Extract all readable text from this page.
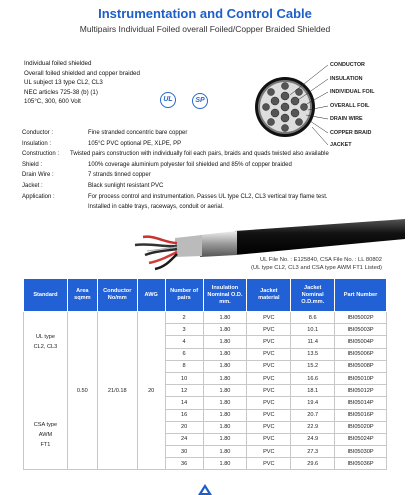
Instrumentation and Control Cable
Multipairs Individual Foiled overall Foiled/Copper Braided Shielded
Individual foiled shielded
Overall foiled shielded and copper braided
UL subject 13 type CL2, CL3
NEC articles 725-38 (b) (1)
105°C, 300, 600 Volt	UL	SP
CONDUCTOR
INSULATION
INDIVIDUAL FOIL
OVERALL FOIL
DRAIN WIRE
COPPER BRAID
JACKET
Conductor :	Fine stranded concentric bare copper
Insulation :	105°C PVC optional PE, XLPE, PP
Construction :	Twisted pairs construction with individually foil each pairs, braids and quads twisted also available
Shield :	100% coverage aluminium polyester foil shielded and 85% of copper braided
Drain Wire :	7 strands tinned copper
Jacket :	Black sunlight resistant PVC
Application :	For process control and instrumentation. Passes UL type CL2, CL3 vertical tray flame test.
Installed in cable trays, raceways, conduit or aerial.
UL File No. : E125840, CSA File No. : LL 80802
(UL type CL2, CL3 and CSA type AWM FT1 Listed)
Standard	Area sqmm	Conductor No/mm	AWG	Number of pairs	Insulation Nominal O.D. mm.	Jacket material	Jacket Nominal O.D.mm.	Part Number

UL type
CL2, CL3
CSA type
AWM
FT1	0.50	21/0.18	20	2	1.80	PVC	8.6	IBI05002P
				3	1.80	PVC	10.1	IBI05003P
				4	1.80	PVC	11.4	IBI05004P
				6	1.80	PVC	13.5	IBI05006P
				8	1.80	PVC	15.2	IBI05008P
				10	1.80	PVC	16.6	IBI05010P
				12	1.80	PVC	18.1	IBI05012P
				14	1.80	PVC	19.4	IBI05014P
				16	1.80	PVC	20.7	IBI05016P
				20	1.80	PVC	22.9	IBI05020P
				24	1.80	PVC	24.9	IBI05024P
				30	1.80	PVC	27.3	IBI05030P
				36	1.80	PVC	29.6	IBI05036P
